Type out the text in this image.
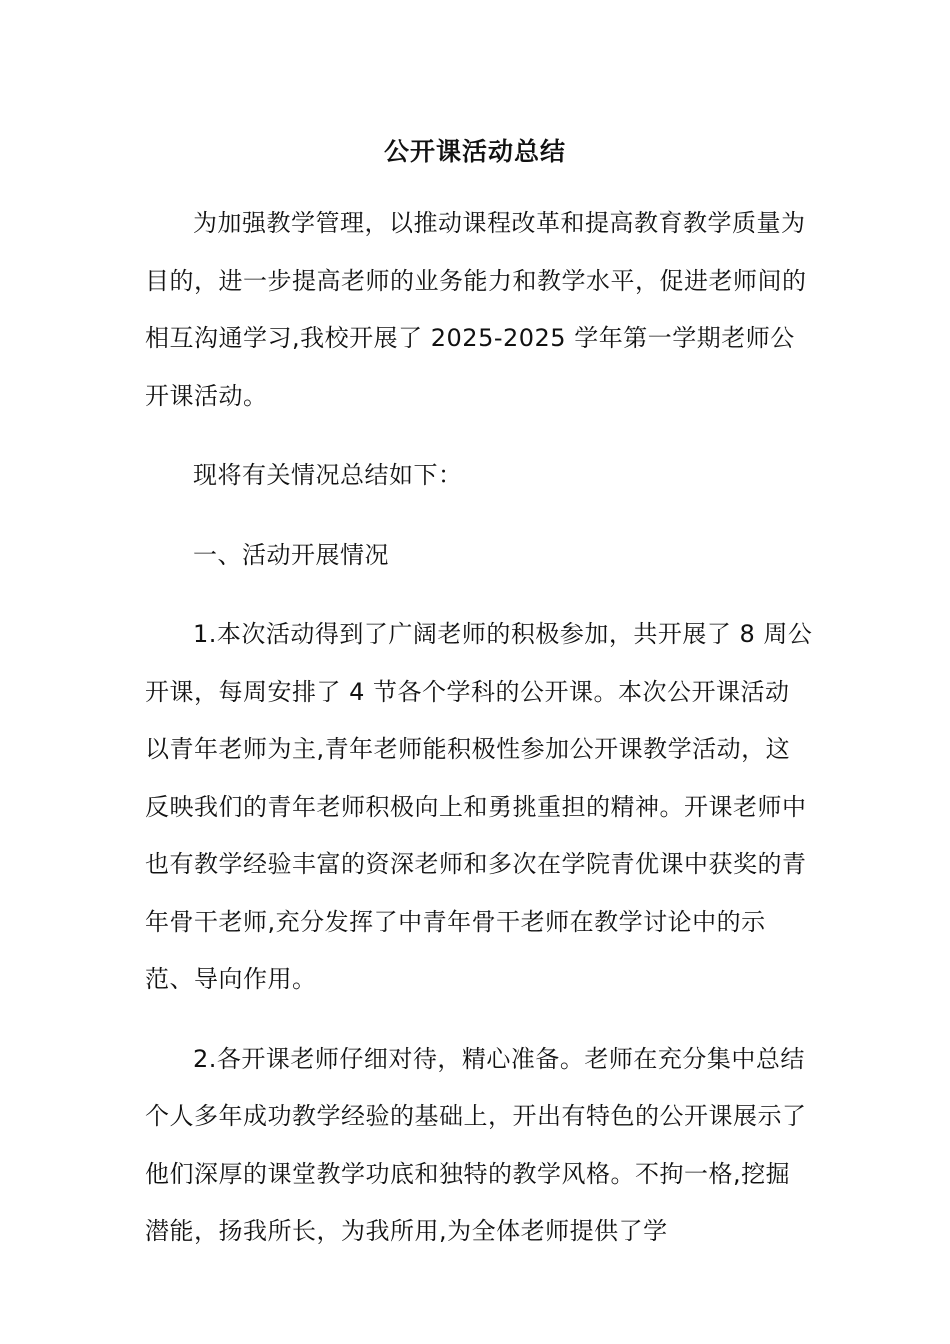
公开课活动总结

为加强教学管理，以推动课程改革和提高教育教学质量为目的，进一步提高老师的业务能力和教学水平，促进老师间的相互沟通学习,我校开展了 2025-2025 学年第一学期老师公开课活动。

现将有关情况总结如下：

一、活动开展情况

1.本次活动得到了广阔老师的积极参加，共开展了 8 周公开课，每周安排了 4 节各个学科的公开课。本次公开课活动以青年老师为主,青年老师能积极性参加公开课教学活动，这反映我们的青年老师积极向上和勇挑重担的精神。开课老师中也有教学经验丰富的资深老师和多次在学院青优课中获奖的青年骨干老师,充分发挥了中青年骨干老师在教学讨论中的示范、导向作用。

2.各开课老师仔细对待，精心准备。老师在充分集中总结个人多年成功教学经验的基础上，开出有特色的公开课展示了他们深厚的课堂教学功底和独特的教学风格。不拘一格,挖掘潜能，扬我所长，为我所用,为全体老师提供了学
